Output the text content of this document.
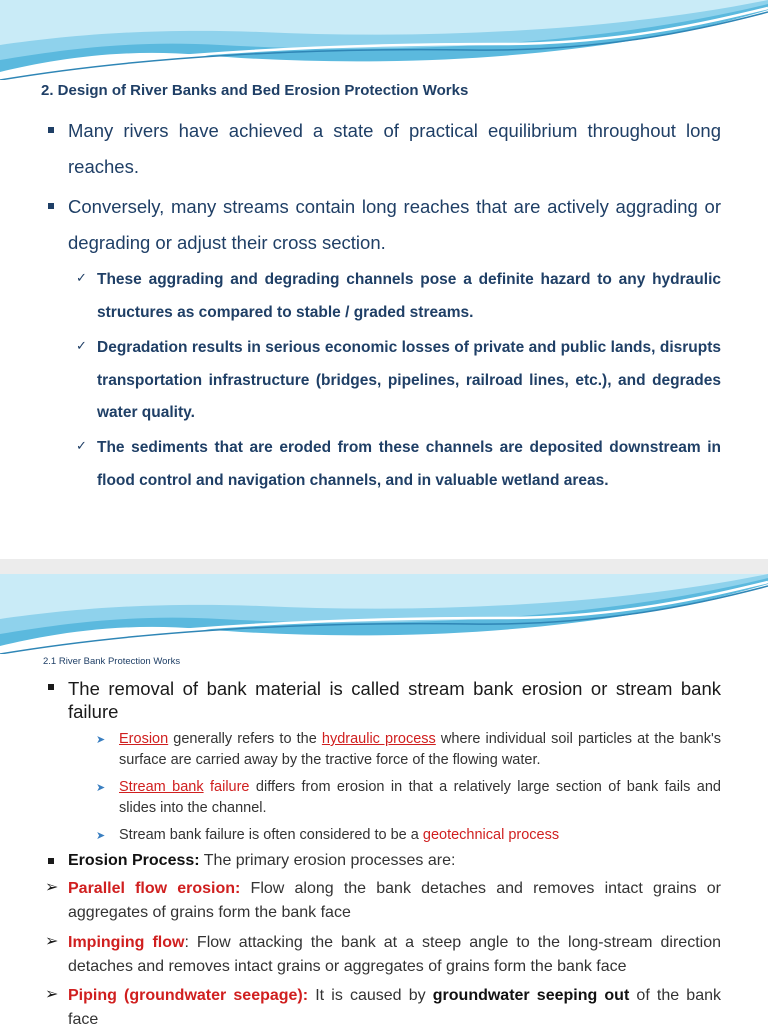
2. Design of River Banks and Bed Erosion Protection Works
Many rivers have achieved a state of practical equilibrium throughout long reaches.
Conversely, many streams contain long reaches that are actively aggrading or degrading or adjust their cross section.
✓ These aggrading and degrading channels pose a definite hazard to any hydraulic structures as compared to stable / graded streams.
✓ Degradation results in serious economic losses of private and public lands, disrupts transportation infrastructure (bridges, pipelines, railroad lines, etc.), and degrades water quality.
✓ The sediments that are eroded from these channels are deposited downstream in flood control and navigation channels, and in valuable wetland areas.
2.1 River Bank Protection Works
The removal of bank material is called stream bank erosion or stream bank failure
➤ Erosion generally refers to the hydraulic process where individual soil particles at the bank's surface are carried away by the tractive force of the flowing water.
➤ Stream bank failure differs from erosion in that a relatively large section of bank fails and slides into the channel.
➤ Stream bank failure is often considered to be a geotechnical process
Erosion Process: The primary erosion processes are:
➢ Parallel flow erosion: Flow along the bank detaches and removes intact grains or aggregates of grains form the bank face
➢ Impinging flow: Flow attacking the bank at a steep angle to the long-stream direction detaches and removes intact grains or aggregates of grains form the bank face
➢ Piping (groundwater seepage): It is caused by groundwater seeping out of the bank face
